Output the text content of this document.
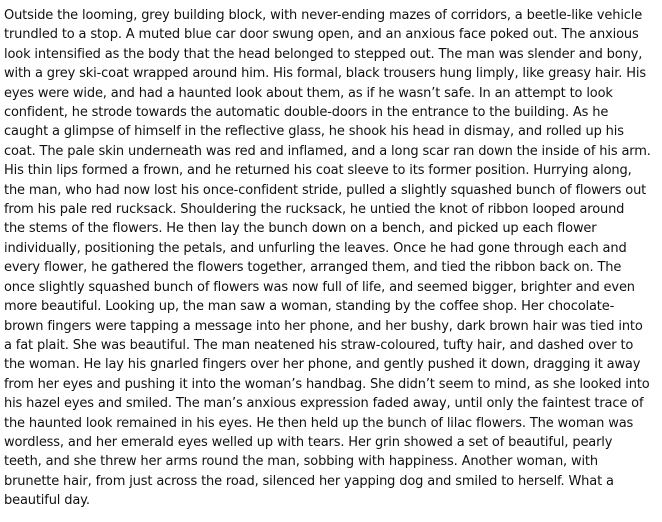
Outside the looming, grey building block, with never-ending mazes of corridors, a beetle-like vehicle
trundled to a stop. A muted blue car door swung open, and an anxious face poked out. The anxious
look intensified as the body that the head belonged to stepped out. The man was slender and bony,
with a grey ski-coat wrapped around him. His formal, black trousers hung limply, like greasy hair. His
eyes were wide, and had a haunted look about them, as if he wasn’t safe. In an attempt to look
confident, he strode towards the automatic double-doors in the entrance to the building. As he
caught a glimpse of himself in the reflective glass, he shook his head in dismay, and rolled up his
coat. The pale skin underneath was red and inflamed, and a long scar ran down the inside of his arm.
His thin lips formed a frown, and he returned his coat sleeve to its former position. Hurrying along,
the man, who had now lost his once-confident stride, pulled a slightly squashed bunch of flowers out
from his pale red rucksack. Shouldering the rucksack, he untied the knot of ribbon looped around
the stems of the flowers. He then lay the bunch down on a bench, and picked up each flower
individually, positioning the petals, and unfurling the leaves. Once he had gone through each and
every flower, he gathered the flowers together, arranged them, and tied the ribbon back on. The
once slightly squashed bunch of flowers was now full of life, and seemed bigger, brighter and even
more beautiful. Looking up, the man saw a woman, standing by the coffee shop. Her chocolate-
brown fingers were tapping a message into her phone, and her bushy, dark brown hair was tied into
a fat plait. She was beautiful. The man neatened his straw-coloured, tufty hair, and dashed over to
the woman. He lay his gnarled fingers over her phone, and gently pushed it down, dragging it away
from her eyes and pushing it into the woman’s handbag. She didn’t seem to mind, as she looked into
his hazel eyes and smiled. The man’s anxious expression faded away, until only the faintest trace of
the haunted look remained in his eyes. He then held up the bunch of lilac flowers. The woman was
wordless, and her emerald eyes welled up with tears. Her grin showed a set of beautiful, pearly
teeth, and she threw her arms round the man, sobbing with happiness. Another woman, with
brunette hair, from just across the road, silenced her yapping dog and smiled to herself. What a
beautiful day.
